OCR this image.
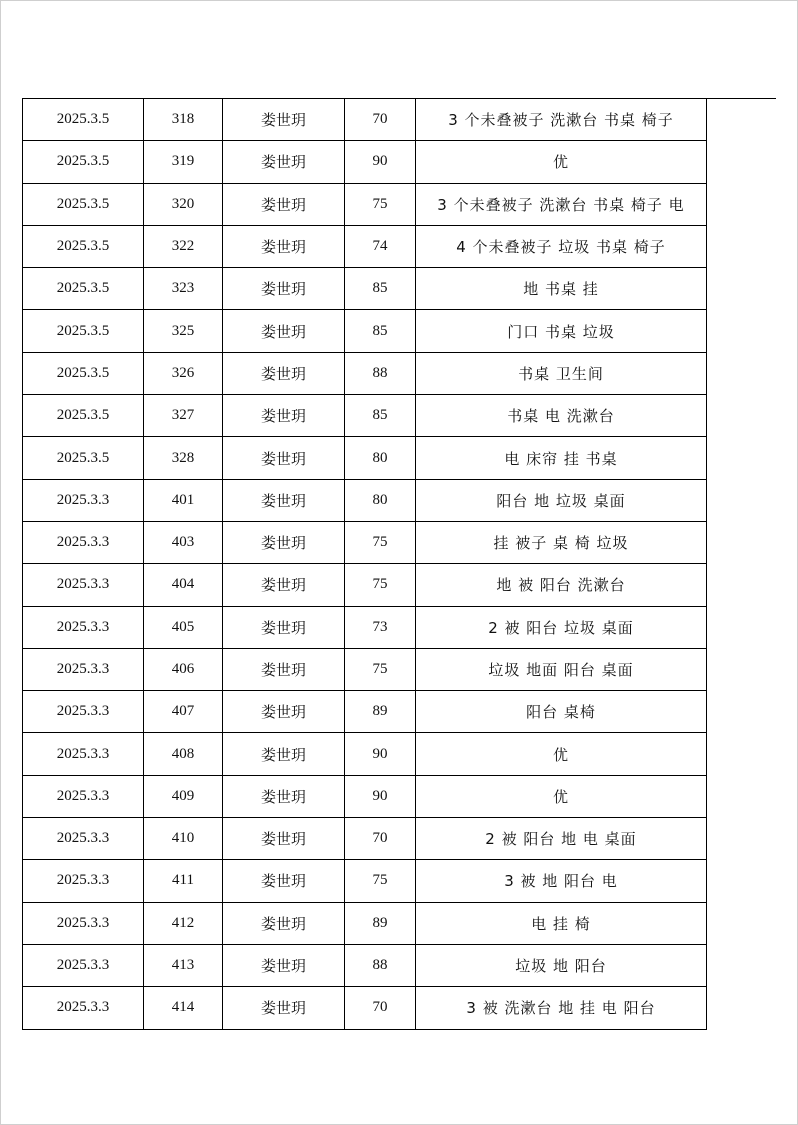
2025.3.5	318	娄世玥	70	3 个未叠被子 洗漱台 书桌 椅子
2025.3.5	319	娄世玥	90	优
2025.3.5	320	娄世玥	75	3 个未叠被子 洗漱台 书桌 椅子 电
2025.3.5	322	娄世玥	74	4 个未叠被子 垃圾 书桌 椅子
2025.3.5	323	娄世玥	85	地 书桌 挂
2025.3.5	325	娄世玥	85	门口 书桌 垃圾
2025.3.5	326	娄世玥	88	书桌 卫生间
2025.3.5	327	娄世玥	85	书桌 电 洗漱台
2025.3.5	328	娄世玥	80	电 床帘 挂 书桌
2025.3.3	401	娄世玥	80	阳台 地 垃圾 桌面
2025.3.3	403	娄世玥	75	挂 被子 桌 椅 垃圾
2025.3.3	404	娄世玥	75	地 被 阳台 洗漱台
2025.3.3	405	娄世玥	73	2 被 阳台 垃圾 桌面
2025.3.3	406	娄世玥	75	垃圾 地面 阳台 桌面
2025.3.3	407	娄世玥	89	阳台 桌椅
2025.3.3	408	娄世玥	90	优
2025.3.3	409	娄世玥	90	优
2025.3.3	410	娄世玥	70	2 被 阳台 地 电 桌面
2025.3.3	411	娄世玥	75	3 被 地 阳台 电
2025.3.3	412	娄世玥	89	电 挂 椅
2025.3.3	413	娄世玥	88	垃圾 地 阳台
2025.3.3	414	娄世玥	70	3 被 洗漱台 地 挂 电 阳台
